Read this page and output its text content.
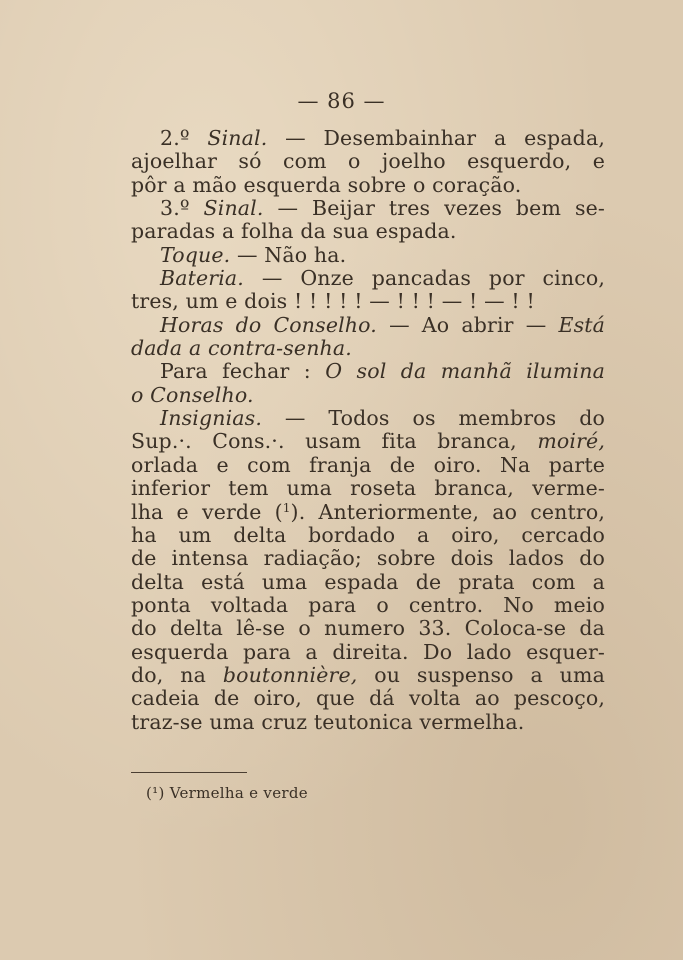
— 86 —
2.º Sinal. — Desembainhar a espada,
ajoelhar só com o joelho esquerdo, e
pôr a mão esquerda sobre o coração.
3.º Sinal. — Beijar tres vezes bem se-
paradas a folha da sua espada.
Toque. — Não ha.
Bateria. — Onze pancadas por cinco,
tres, um e dois ! ! ! ! ! — ! ! ! — ! — ! !
Horas do Conselho. — Ao abrir — Está
dada a contra-senha.
Para fechar : O sol da manhã ilumina
o Conselho.
Insignias. — Todos os membros do
Sup.·. Cons.·. usam fita branca, moiré,
orlada e com franja de oiro. Na parte
inferior tem uma roseta branca, verme-
lha e verde ($^1$). Anteriormente, ao centro,
ha um delta bordado a oiro, cercado
de intensa radiação; sobre dois lados do
delta está uma espada de prata com a
ponta voltada para o centro. No meio
do delta lê-se o numero 33. Coloca-se da
esquerda para a direita. Do lado esquer-
do, na boutonnière, ou suspenso a uma
cadeia de oiro, que dá volta ao pescoço,
traz-se uma cruz teutonica vermelha.
(¹) Vermelha e verde
